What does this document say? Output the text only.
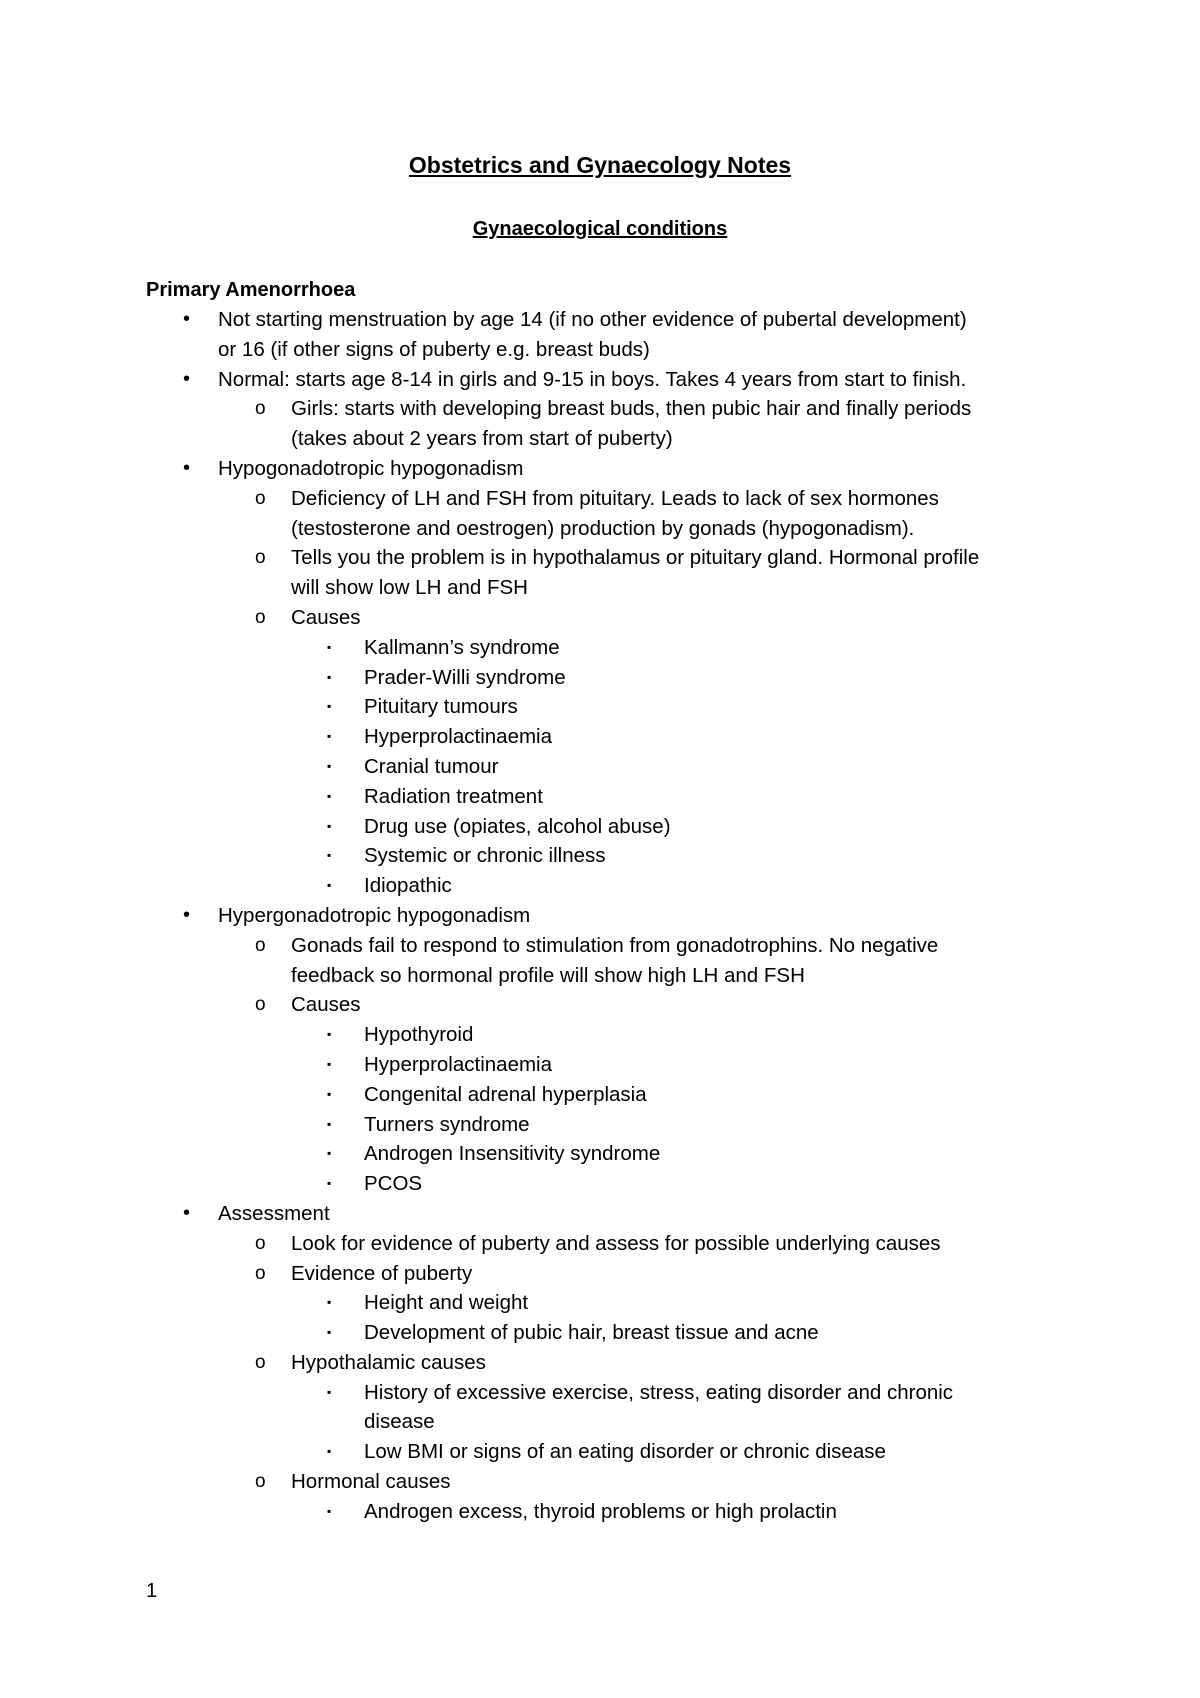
Obstetrics and Gynaecology Notes
Gynaecological conditions
Primary Amenorrhoea
• Not starting menstruation by age 14 (if no other evidence of pubertal development)
or 16 (if other signs of puberty e.g. breast buds)
• Normal: starts age 8-14 in girls and 9-15 in boys. Takes 4 years from start to finish.
o Girls: starts with developing breast buds, then pubic hair and finally periods
(takes about 2 years from start of puberty)
• Hypogonadotropic hypogonadism
o Deficiency of LH and FSH from pituitary. Leads to lack of sex hormones
(testosterone and oestrogen) production by gonads (hypogonadism).
o Tells you the problem is in hypothalamus or pituitary gland. Hormonal profile
will show low LH and FSH
o Causes
▪ Kallmann’s syndrome
▪ Prader-Willi syndrome
▪ Pituitary tumours
▪ Hyperprolactinaemia
▪ Cranial tumour
▪ Radiation treatment
▪ Drug use (opiates, alcohol abuse)
▪ Systemic or chronic illness
▪ Idiopathic
• Hypergonadotropic hypogonadism
o Gonads fail to respond to stimulation from gonadotrophins. No negative
feedback so hormonal profile will show high LH and FSH
o Causes
▪ Hypothyroid
▪ Hyperprolactinaemia
▪ Congenital adrenal hyperplasia
▪ Turners syndrome
▪ Androgen Insensitivity syndrome
▪ PCOS
• Assessment
o Look for evidence of puberty and assess for possible underlying causes
o Evidence of puberty
▪ Height and weight
▪ Development of pubic hair, breast tissue and acne
o Hypothalamic causes
▪ History of excessive exercise, stress, eating disorder and chronic
disease
▪ Low BMI or signs of an eating disorder or chronic disease
o Hormonal causes
▪ Androgen excess, thyroid problems or high prolactin
1
